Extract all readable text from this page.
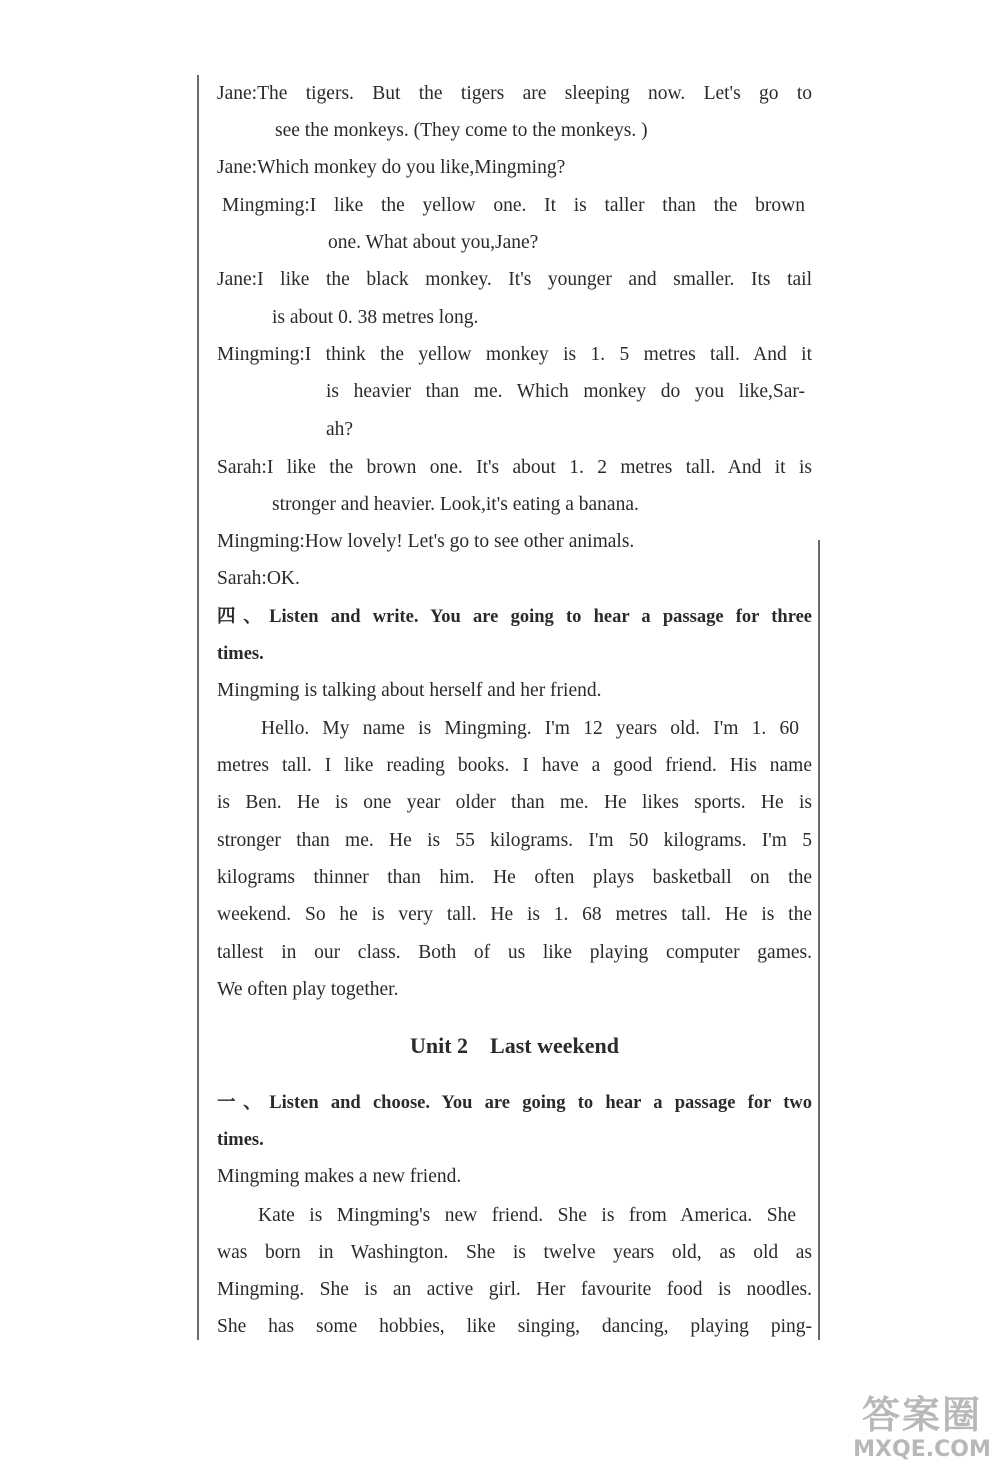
Jane:The tigers. But the tigers are sleeping now. Let's go to
see the monkeys. (They come to the monkeys. )
Jane:Which monkey do you like,Mingming?
Mingming:I like the yellow one. It is taller than the brown
one. What about you,Jane?
Jane:I like the black monkey. It's younger and smaller. Its tail
is about 0. 38 metres long.
Mingming:I think the yellow monkey is 1. 5 metres tall. And it
is heavier than me. Which monkey do you like,Sar-
ah?
Sarah:I like the brown one. It's about 1. 2 metres tall. And it is
stronger and heavier. Look,it's eating a banana.
Mingming:How lovely! Let's go to see other animals.
Sarah:OK.
四、Listen and write. You are going to hear a passage for three
times.
Mingming is talking about herself and her friend.
Hello. My name is Mingming. I'm 12 years old. I'm 1. 60
metres tall. I like reading books. I have a good friend. His name
is Ben. He is one year older than me. He likes sports. He is
stronger than me. He is 55 kilograms. I'm 50 kilograms. I'm 5
kilograms thinner than him. He often plays basketball on the
weekend. So he is very tall. He is 1. 68 metres tall. He is the
tallest in our class. Both of us like playing computer games.
We often play together.
Unit 2 Last weekend
一、Listen and choose. You are going to hear a passage for two
times.
Mingming makes a new friend.
Kate is Mingming's new friend. She is from America. She
was born in Washington. She is twelve years old, as old as
Mingming. She is an active girl. Her favourite food is noodles.
She has some hobbies, like singing, dancing, playing ping-
答案圈
MXQE.COM
